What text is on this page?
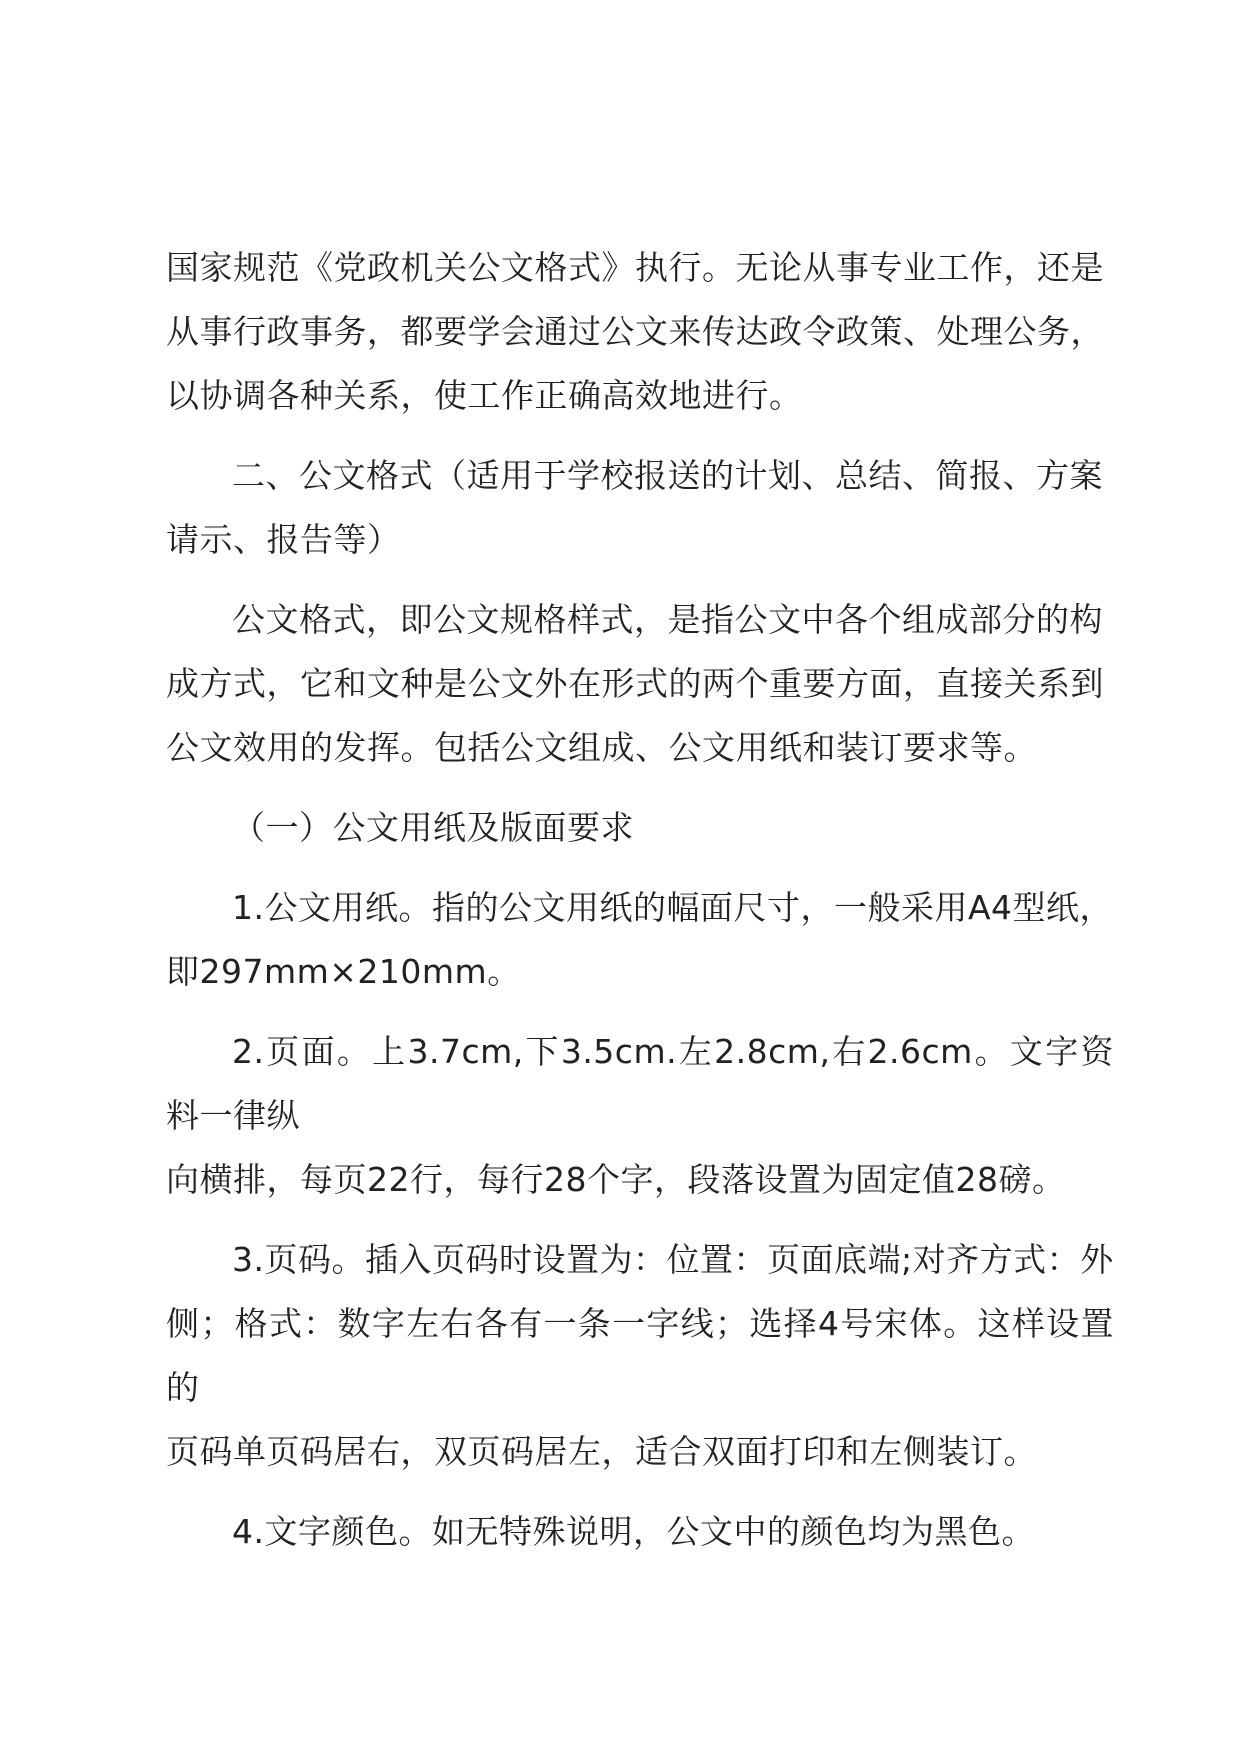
国家规范《党政机关公文格式》执行。无论从事专业工作，还是
从事行政事务，都要学会通过公文来传达政令政策、处理公务，
以协调各种关系，使工作正确高效地进行。

二、公文格式（适用于学校报送的计划、总结、简报、方案
请示、报告等）

公文格式，即公文规格样式，是指公文中各个组成部分的构
成方式，它和文种是公文外在形式的两个重要方面，直接关系到
公文效用的发挥。包括公文组成、公文用纸和装订要求等。

（一）公文用纸及版面要求

1.公文用纸。指的公文用纸的幅面尺寸，一般采用A4型纸，
即297mm×210mm。

2.页面。上3.7cm,下3.5cm.左2.8cm,右2.6cm。文字资料一律纵
向横排，每页22行，每行28个字，段落设置为固定值28磅。

3.页码。插入页码时设置为：位置：页面底端;对齐方式：外
侧；格式：数字左右各有一条一字线；选择4号宋体。这样设置的
页码单页码居右，双页码居左，适合双面打印和左侧装订。

4.文字颜色。如无特殊说明，公文中的颜色均为黑色。
